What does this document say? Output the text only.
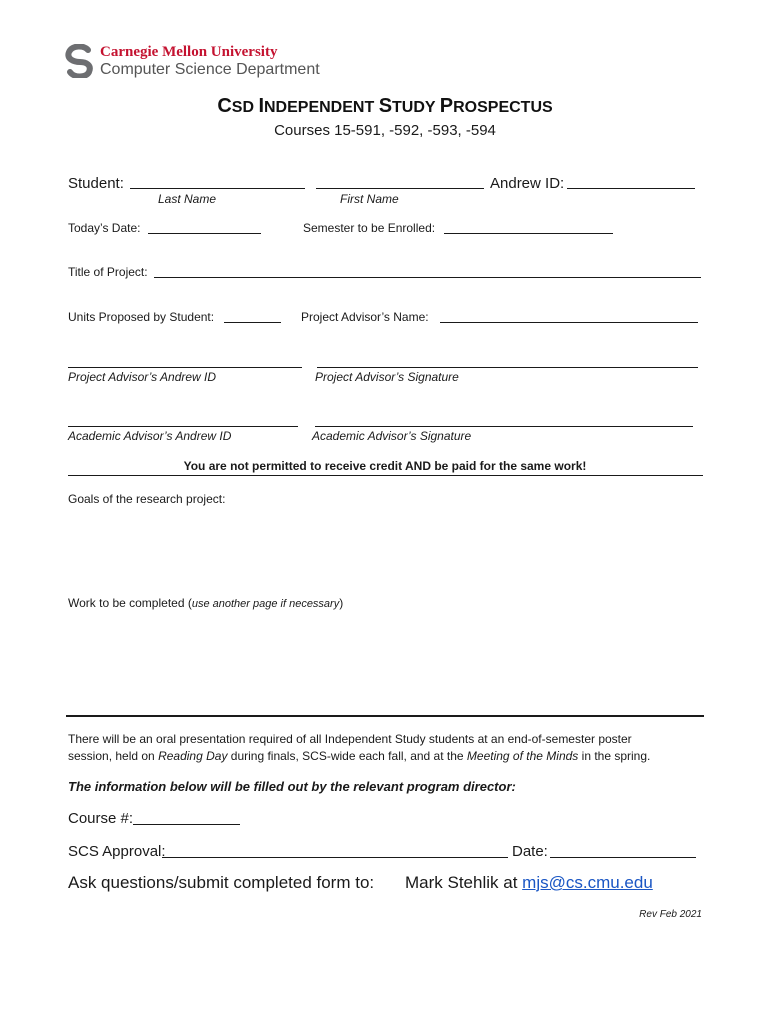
Carnegie Mellon University
Computer Science Department
CSD INDEPENDENT STUDY PROSPECTUS
Courses 15-591, -592, -593, -594
Student:	Andrew ID:
Last Name	First Name
Today’s Date:	Semester to be Enrolled:
Title of Project:
Units Proposed by Student:	Project Advisor’s Name:
Project Advisor’s Andrew ID	Project Advisor’s Signature
Academic Advisor’s Andrew ID	Academic Advisor’s Signature
You are not permitted to receive credit AND be paid for the same work!
Goals of the research project:
Work to be completed (use another page if necessary)
There will be an oral presentation required of all Independent Study students at an end-of-semester poster
session, held on Reading Day during finals, SCS-wide each fall, and at the Meeting of the Minds in the spring.
The information below will be filled out by the relevant program director:
Course #:
SCS Approval:	Date:
Ask questions/submit completed form to: Mark Stehlik at mjs@cs.cmu.edu
Rev Feb 2021
